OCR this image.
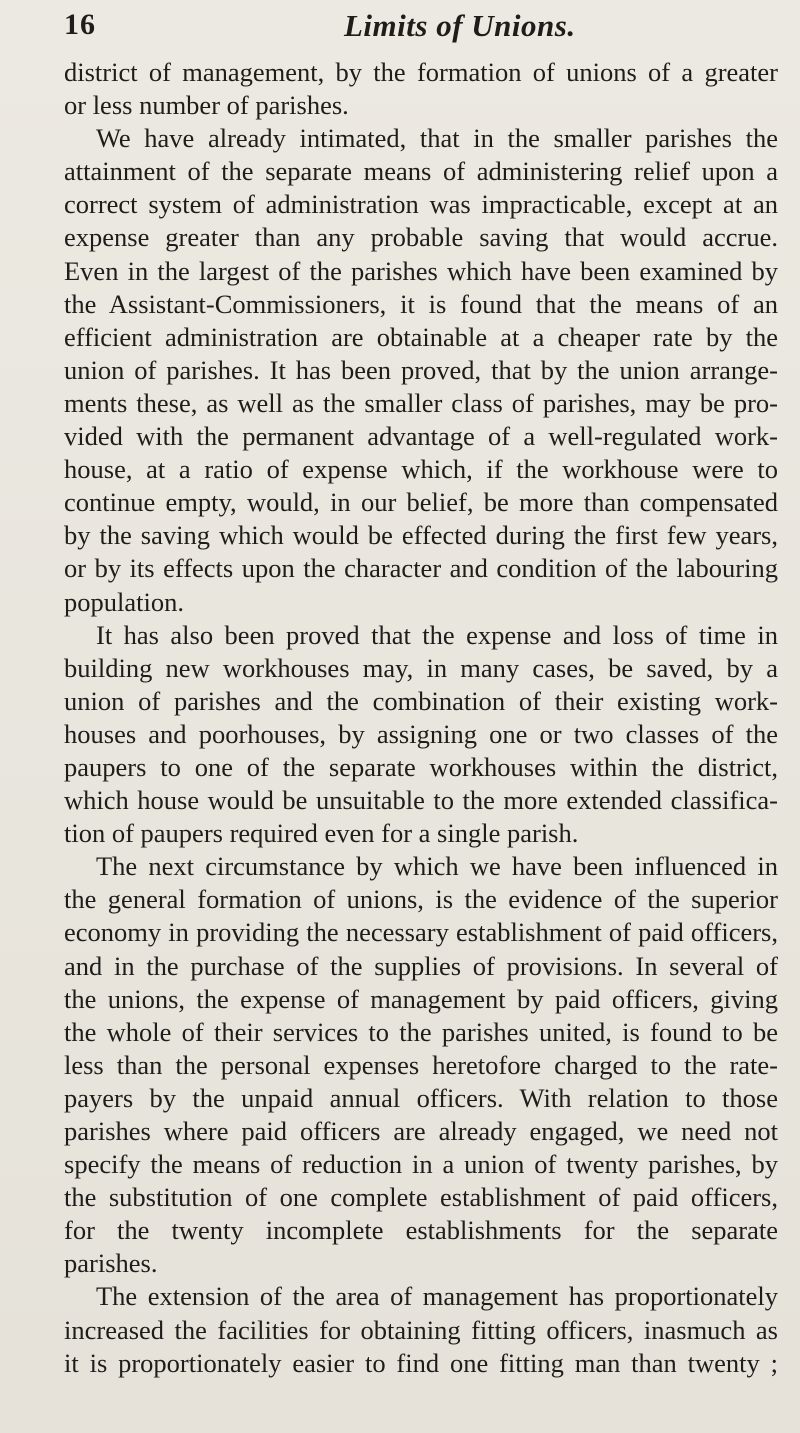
16	Limits of Unions.
district of management, by the formation of unions of a greater
or less number of parishes.
We have already intimated, that in the smaller parishes the
attainment of the separate means of administering relief upon a
correct system of administration was impracticable, except at an
expense greater than any probable saving that would accrue.
Even in the largest of the parishes which have been examined by
the Assistant-Commissioners, it is found that the means of an
efficient administration are obtainable at a cheaper rate by the
union of parishes. It has been proved, that by the union arrange-
ments these, as well as the smaller class of parishes, may be pro-
vided with the permanent advantage of a well-regulated work-
house, at a ratio of expense which, if the workhouse were to
continue empty, would, in our belief, be more than compensated
by the saving which would be effected during the first few years,
or by its effects upon the character and condition of the labouring
population.
It has also been proved that the expense and loss of time in
building new workhouses may, in many cases, be saved, by a
union of parishes and the combination of their existing work-
houses and poorhouses, by assigning one or two classes of the
paupers to one of the separate workhouses within the district,
which house would be unsuitable to the more extended classifica-
tion of paupers required even for a single parish.
The next circumstance by which we have been influenced in
the general formation of unions, is the evidence of the superior
economy in providing the necessary establishment of paid officers,
and in the purchase of the supplies of provisions. In several of
the unions, the expense of management by paid officers, giving
the whole of their services to the parishes united, is found to be
less than the personal expenses heretofore charged to the rate-
payers by the unpaid annual officers. With relation to those
parishes where paid officers are already engaged, we need not
specify the means of reduction in a union of twenty parishes, by
the substitution of one complete establishment of paid officers,
for the twenty incomplete establishments for the separate
parishes.
The extension of the area of management has proportionately
increased the facilities for obtaining fitting officers, inasmuch as
it is proportionately easier to find one fitting man than twenty ;
